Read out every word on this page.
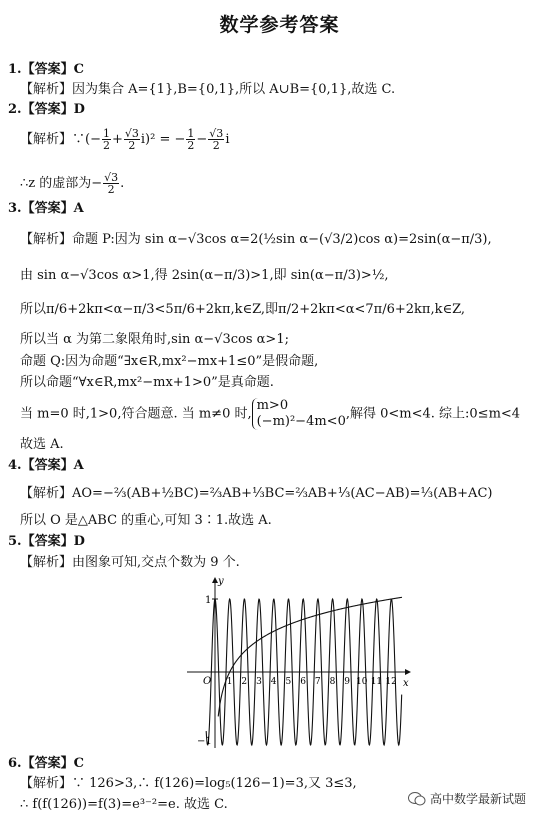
数学参考答案
1.【答案】C
【解析】因为集合 A={1},B={0,1},所以 A∪B={0,1},故选 C.
2.【答案】D
【解析】∵(− $\frac{1}{2} + \frac{√3}{2} i)^2$ = − $\frac{1}{2} - \frac{√3}{2}$ i
∴z 的虚部为− $\frac{√3}{2}$ .
3.【答案】A
【解析】命题 P:因为 sin α−√3cos α=2(½sin α−(√3/2)cos α)=2sin(α−π/3),
由 sin α−√3cos α>1,得 2sin(α−π/3)>1,即 sin(α−π/3)>½,
所以π/6+2kπ<α−π/3<5π/6+2kπ,k∈Z,即π/2+2kπ<α<7π/6+2kπ,k∈Z,
所以当 α 为第二象限角时,sin α−√3cos α>1;
命题 Q:因为命题“∃x∈R,mx²−mx+1≤0”是假命题,
所以命题“∀x∈R,mx²−mx+1>0”是真命题.
当 m=0 时,1>0,符合题意. 当 m≠0 时,
m>0
(−m)²−4m<0 ,解得 0<m<4. 综上:0≤m<4
故选 A.
4.【答案】A
【解析】AO=−⅔(AB+½BC)=⅔AB+⅓BC=⅔AB+⅓(AC−AB)=⅓(AB+AC)
所以 O 是△ABC 的重心,可知 3∶1.故选 A.
5.【答案】D
【解析】由图象可知,交点个数为 9 个.
y
x
O
1
−1
1 2 3 4 5 6 7 8 9 10 11 12
6.【答案】C
【解析】∵ 126>3,∴ f(126)=log₅(126−1)=3,又 3≤3,
∴ f(f(126))=f(3)=e³⁻²=e. 故选 C.	高中数学最新试题
